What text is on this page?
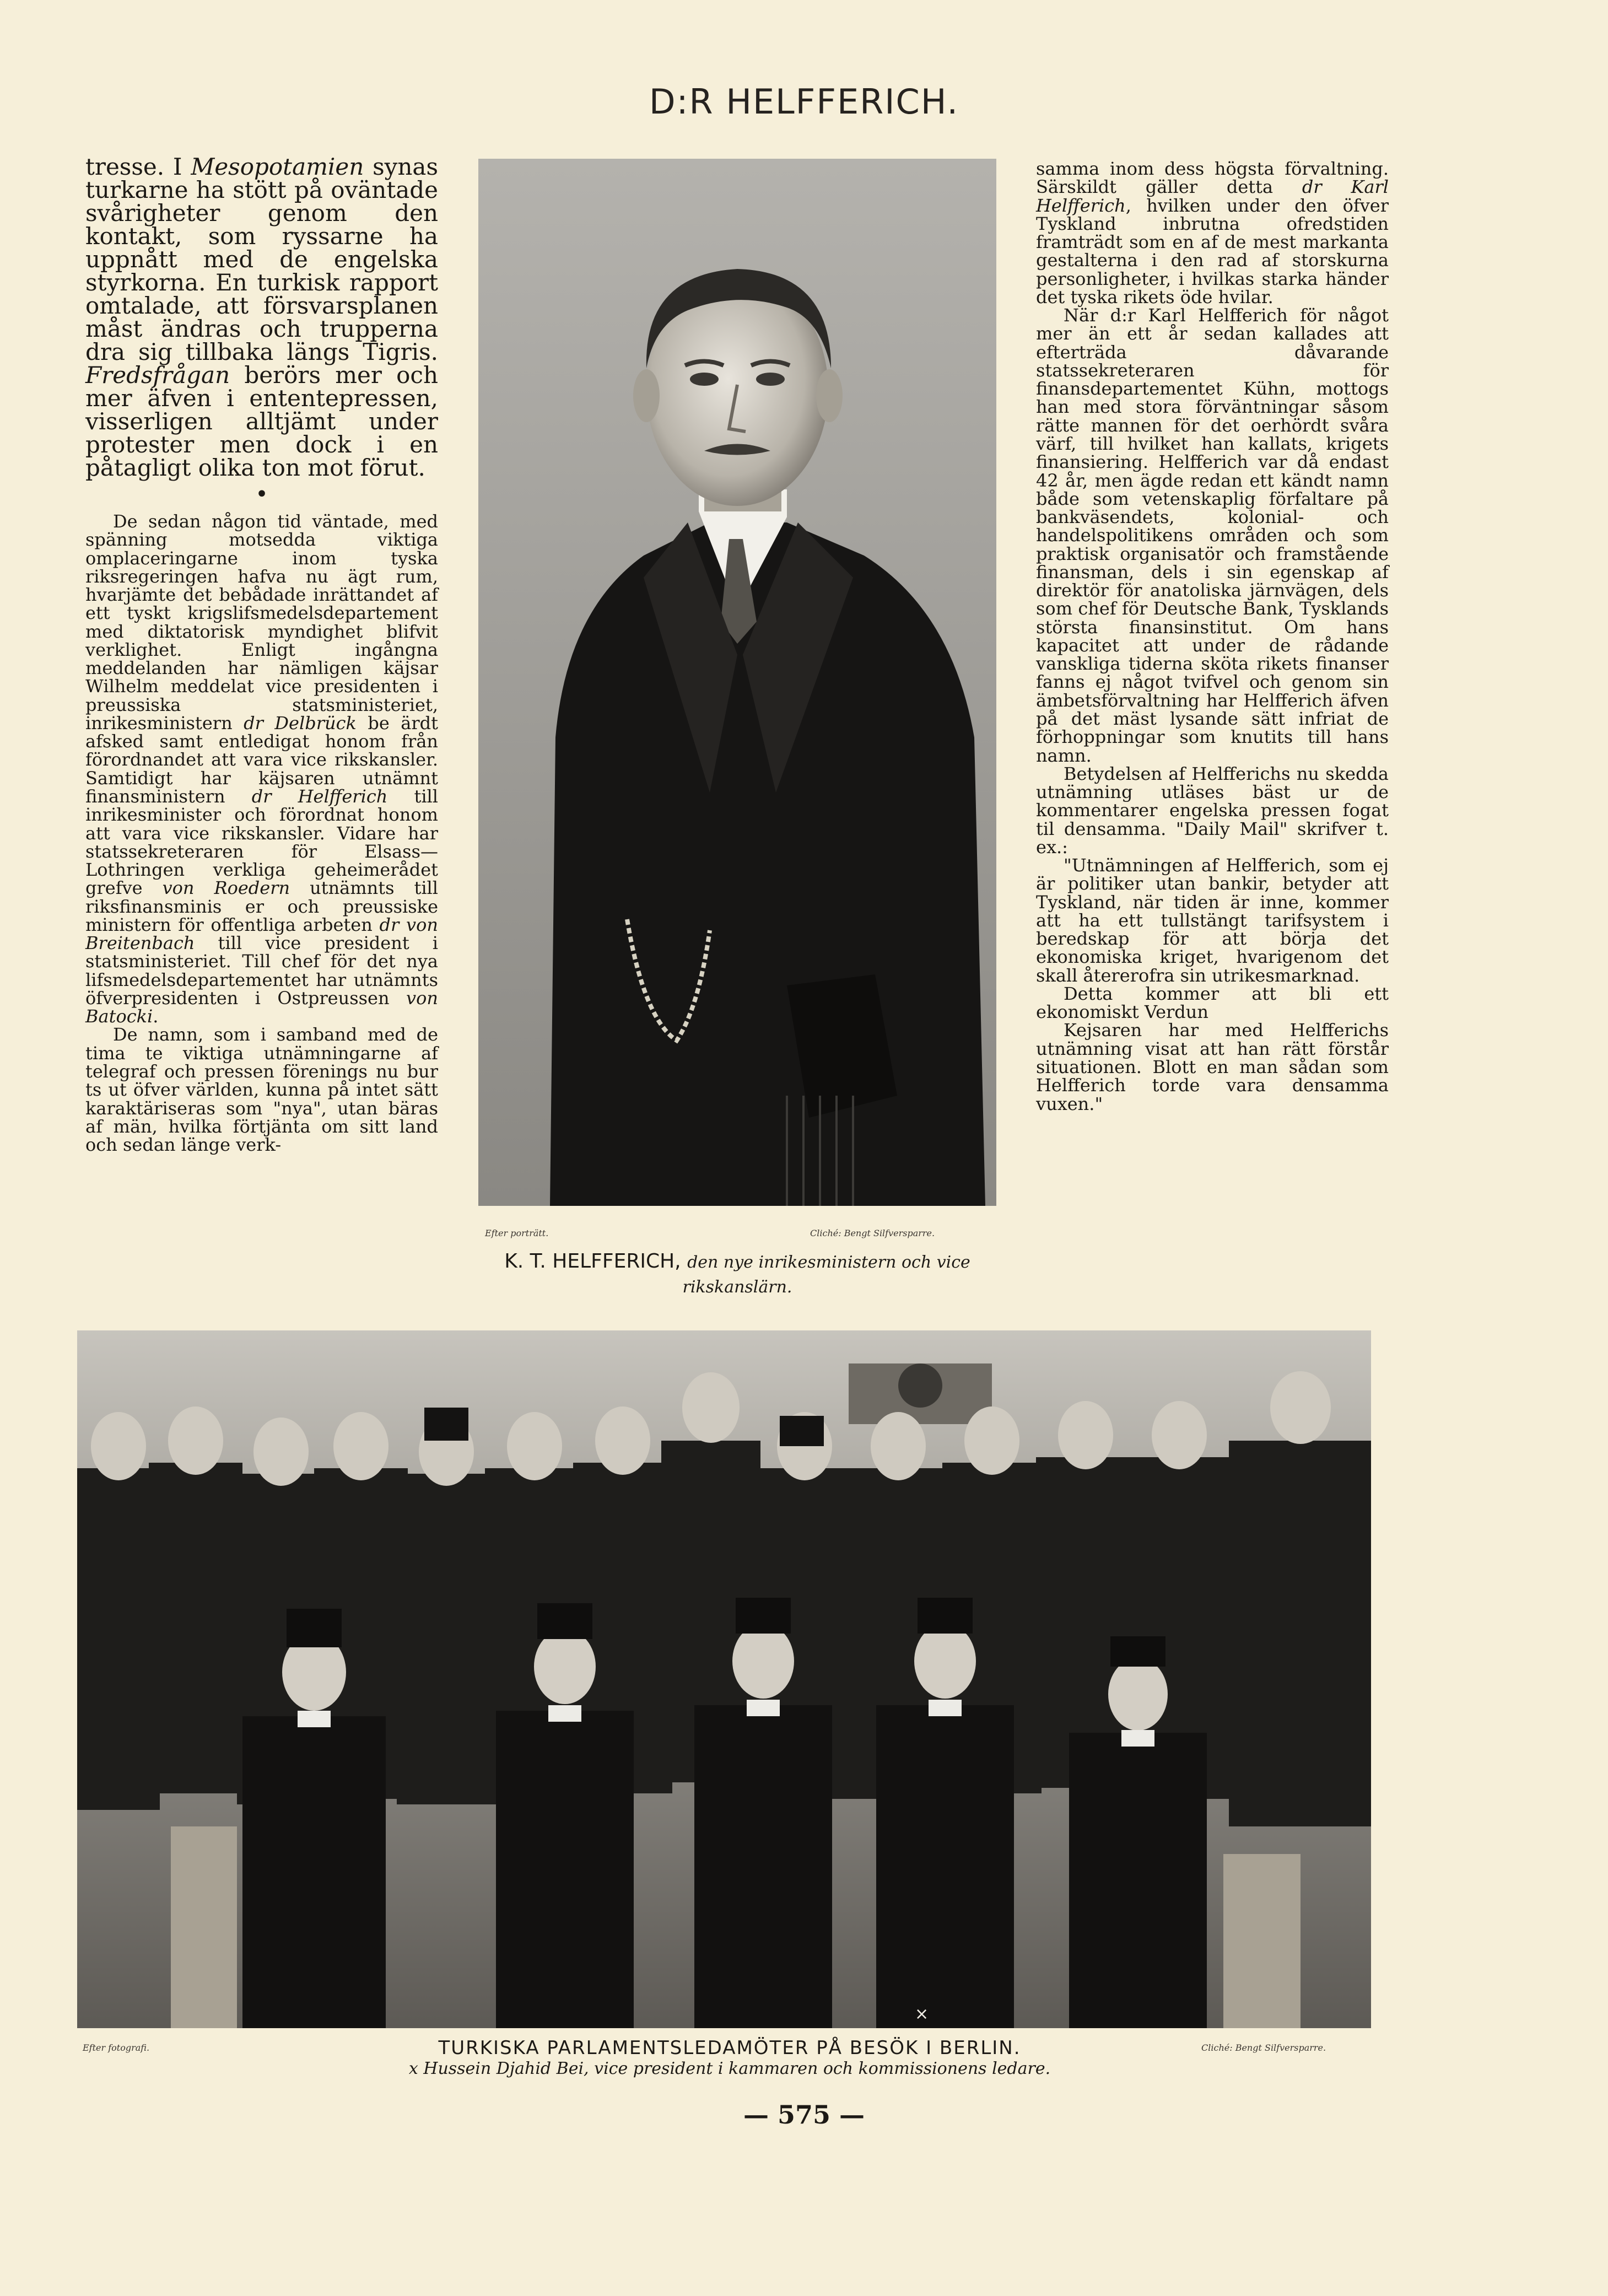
D:R HELFFERICH.

tresse. I Mesopotamien synas turkarne ha stött på oväntade svårigheter genom den kontakt, som ryssarne ha uppnått med de engelska styrkorna. En turkisk rapport omtalade, att försvarsplanen måst ändras och trupperna dra sig tillbaka längs Tigris. Fredsfrågan berörs mer och mer äfven i ententepressen, visserligen alltjämt under protester men dock i en påtagligt olika ton mot förut.

•

De sedan någon tid väntade, med spänning motsedda viktiga omplaceringarne inom tyska riksregeringen hafva nu ägt rum, hvarjämte det bebådade inrättandet af ett tyskt krigslifsmedelsdepartement med diktatorisk myndighet blifvit verklighet. Enligt ingångna meddelanden har nämligen käjsar Wilhelm meddelat vice presidenten i preussiska statsministeriet, inrikesministern dr Delbrück be ärdt afsked samt entledigat honom från förordnandet att vara vice rikskansler. Samtidigt har käjsaren utnämnt finansministern dr Helfferich till inrikesminister och förordnat honom att vara vice rikskansler. Vidare har statssekreteraren för Elsass—Lothringen verkliga geheimerådet grefve von Roedern utnämnts till riksfinansminis er och preussiske ministern för offentliga arbeten dr von Breitenbach till vice president i statsministeriet. Till chef för det nya lifsmedelsdepartementet har utnämnts öfverpresidenten i Ostpreussen von Batocki.

De namn, som i samband med de tima te viktiga utnämningarne af telegraf och pressen förenings nu bur ts ut öfver världen, kunna på intet sätt karaktäriseras som "nya", utan bäras af män, hvilka förtjänta om sitt land och sedan länge verk-

Efter porträtt.	Cliché: Bengt Silfversparre.
K. T. HELFFERICH, den nye inrikesministern och vice rikskanslärn.

samma inom dess högsta förvaltning. Särskildt gäller detta dr Karl Helfferich, hvilken under den öfver Tyskland inbrutna ofredstiden framträdt som en af de mest markanta gestalterna i den rad af storskurna personligheter, i hvilkas starka händer det tyska rikets öde hvilar.

När d:r Karl Helfferich för något mer än ett år sedan kallades att efterträda dåvarande statssekreteraren för finansdepartementet Kühn, mottogs han med stora förväntningar såsom rätte mannen för det oerhördt svåra värf, till hvilket han kallats, krigets finansiering. Helfferich var då endast 42 år, men ägde redan ett kändt namn både som vetenskaplig förfaltare på bankväsendets, kolonial- och handelspolitikens områden och som praktisk organisatör och framstående finansman, dels i sin egenskap af direktör för anatoliska järnvägen, dels som chef för Deutsche Bank, Tysklands största finansinstitut. Om hans kapacitet att under de rådande vanskliga tiderna sköta rikets finanser fanns ej något tvifvel och genom sin ämbetsförvaltning har Helfferich äfven på det mäst lysande sätt infriat de förhoppningar som knutits till hans namn.

Betydelsen af Helfferichs nu skedda utnämning utläses bäst ur de kommentarer engelska pressen fogat til densamma. "Daily Mail" skrifver t. ex.:

"Utnämningen af Helfferich, som ej är politiker utan bankir, betyder att Tyskland, när tiden är inne, kommer att ha ett tullstängt tarifsystem i beredskap för att börja det ekonomiska kriget, hvarigenom det skall återerofra sin utrikesmarknad.

Detta kommer att bli ett ekonomiskt Verdun

Kejsaren har med Helfferichs utnämning visat att han rätt förstår situationen. Blott en man sådan som Helfferich torde vara densamma vuxen."

×
Efter fotografi.	Cliché: Bengt Silfversparre.
TURKISKA PARLAMENTSLEDAMÖTER PÅ BESÖK I BERLIN.
x Hussein Djahid Bei, vice president i kammaren och kommissionens ledare.
— 575 —
